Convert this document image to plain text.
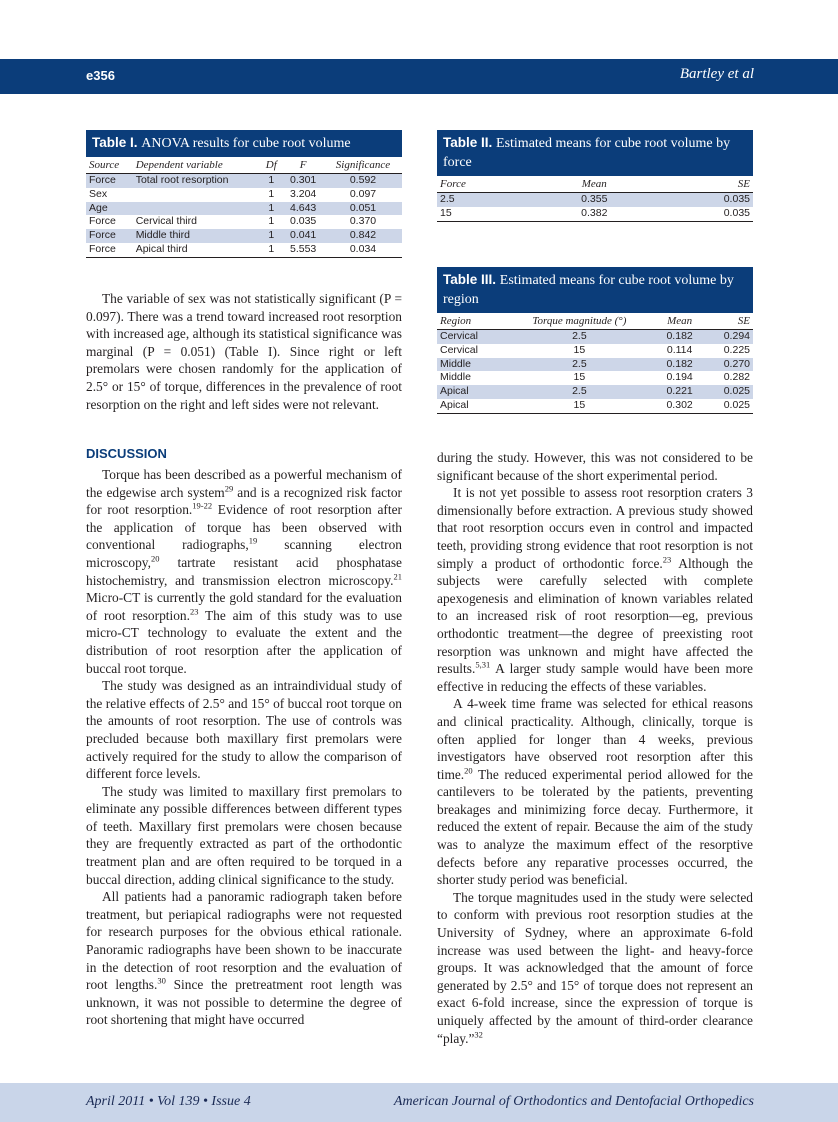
e356	Bartley et al
Table I. ANOVA results for cube root volume
Source	Dependent variable	Df	F	Significance
Force	Total root resorption	1	0.301	0.592
Sex		1	3.204	0.097
Age		1	4.643	0.051
Force	Cervical third	1	0.035	0.370
Force	Middle third	1	0.041	0.842
Force	Apical third	1	5.553	0.034
Table II. Estimated means for cube root volume by force
Force	Mean	SE
2.5	0.355	0.035
15	0.382	0.035
Table III. Estimated means for cube root volume by region
Region	Torque magnitude (°)	Mean	SE
Cervical	2.5	0.182	0.294
Cervical	15	0.114	0.225
Middle	2.5	0.182	0.270
Middle	15	0.194	0.282
Apical	2.5	0.221	0.025
Apical	15	0.302	0.025

The variable of sex was not statistically significant (P = 0.097). There was a trend toward increased root resorption with increased age, although its statistical significance was marginal (P = 0.051) (Table I). Since right or left premolars were chosen randomly for the application of 2.5° or 15° of torque, differences in the prevalence of root resorption on the right and left sides were not relevant.

DISCUSSION

Torque has been described as a powerful mechanism of the edgewise arch system$^{29}$ and is a recognized risk factor for root resorption.$^{19-22}$ Evidence of root resorption after the application of torque has been observed with conventional radiographs,$^{19}$ scanning electron microscopy,$^{20}$ tartrate resistant acid phosphatase histochemistry, and transmission electron microscopy.$^{21}$ Micro-CT is currently the gold standard for the evaluation of root resorption.$^{23}$ The aim of this study was to use micro-CT technology to evaluate the extent and the distribution of root resorption after the application of buccal root torque.

The study was designed as an intraindividual study of the relative effects of 2.5° and 15° of buccal root torque on the amounts of root resorption. The use of controls was precluded because both maxillary first premolars were actively required for the study to allow the comparison of different force levels.

The study was limited to maxillary first premolars to eliminate any possible differences between different types of teeth. Maxillary first premolars were chosen because they are frequently extracted as part of the orthodontic treatment plan and are often required to be torqued in a buccal direction, adding clinical significance to the study.

All patients had a panoramic radiograph taken before treatment, but periapical radiographs were not requested for research purposes for the obvious ethical rationale. Panoramic radiographs have been shown to be inaccurate in the detection of root resorption and the evaluation of root lengths.$^{30}$ Since the pretreatment root length was unknown, it was not possible to determine the degree of root shortening that might have occurred

during the study. However, this was not considered to be significant because of the short experimental period.

It is not yet possible to assess root resorption craters 3 dimensionally before extraction. A previous study showed that root resorption occurs even in control and impacted teeth, providing strong evidence that root resorption is not simply a product of orthodontic force.$^{23}$ Although the subjects were carefully selected with complete apexogenesis and elimination of known variables related to an increased risk of root resorption—eg, previous orthodontic treatment—the degree of preexisting root resorption was unknown and might have affected the results.$^{5,31}$ A larger study sample would have been more effective in reducing the effects of these variables.

A 4-week time frame was selected for ethical reasons and clinical practicality. Although, clinically, torque is often applied for longer than 4 weeks, previous investigators have observed root resorption after this time.$^{20}$ The reduced experimental period allowed for the cantilevers to be tolerated by the patients, preventing breakages and minimizing force decay. Furthermore, it reduced the extent of repair. Because the aim of the study was to analyze the maximum effect of the resorptive defects before any reparative processes occurred, the shorter study period was beneficial.

The torque magnitudes used in the study were selected to conform with previous root resorption studies at the University of Sydney, where an approximate 6-fold increase was used between the light- and heavy-force groups. It was acknowledged that the amount of force generated by 2.5° and 15° of torque does not represent an exact 6-fold increase, since the expression of torque is uniquely affected by the amount of third-order clearance “play.”$^{32}$

April 2011 • Vol 139 • Issue 4	American Journal of Orthodontics and Dentofacial Orthopedics
